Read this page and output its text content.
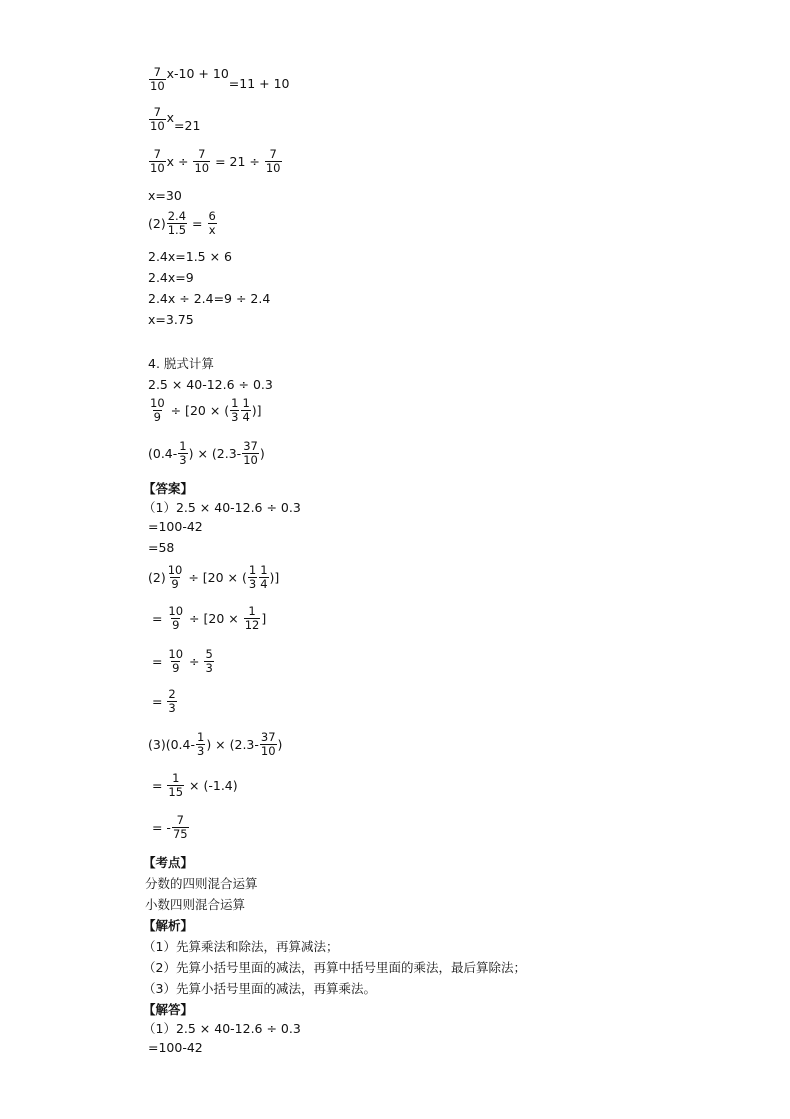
$\frac{7}{10} x-10 + 10$
=11 + 10
$\frac{7}{10}$ x
=21
$\frac{7}{10}$ $x \div \frac{7}{10} = 21 \div \frac{7}{10}$
x=30
$(2) \frac{2.4}{1.5} = \frac{6}{x}$
2.4x=1.5 × 6
2.4x=9
2.4x ÷ 2.4=9 ÷ 2.4
x=3.75
4. 脱式计算
2.5 × 40-12.6 ÷ 0.3
$\frac{10}{9} \div [20$ × ( $\frac{1}{3} \frac{1}{4}$ )]
($0.4- \frac{1}{3}$ ) × ($2.3- \frac{37}{10}$ )
【答案】
（1）2.5 × 40-12.6 ÷ 0.3
=100-42
=58
$(2) \frac{10}{9} \div [20$ × ( $\frac{1}{3} \frac{1}{4}$ )]
= $\frac{10}{9} \div [20 \times \frac{1}{12}$ ]
= $\frac{10}{9} \div \frac{5}{3}$
= $\frac{2}{3}$
$(3)(0.4- \frac{1}{3}$ ) × ($2.3- \frac{37}{10}$ )
= $\frac{1}{15} \times (-1.4)$
= - $\frac{7}{75}$
【考点】
分数的四则混合运算
小数四则混合运算
【解析】
（1）先算乘法和除法，再算减法；
（2）先算小括号里面的减法，再算中括号里面的乘法，最后算除法；
（3）先算小括号里面的减法，再算乘法。
【解答】
（1）2.5 × 40-12.6 ÷ 0.3
=100-42
